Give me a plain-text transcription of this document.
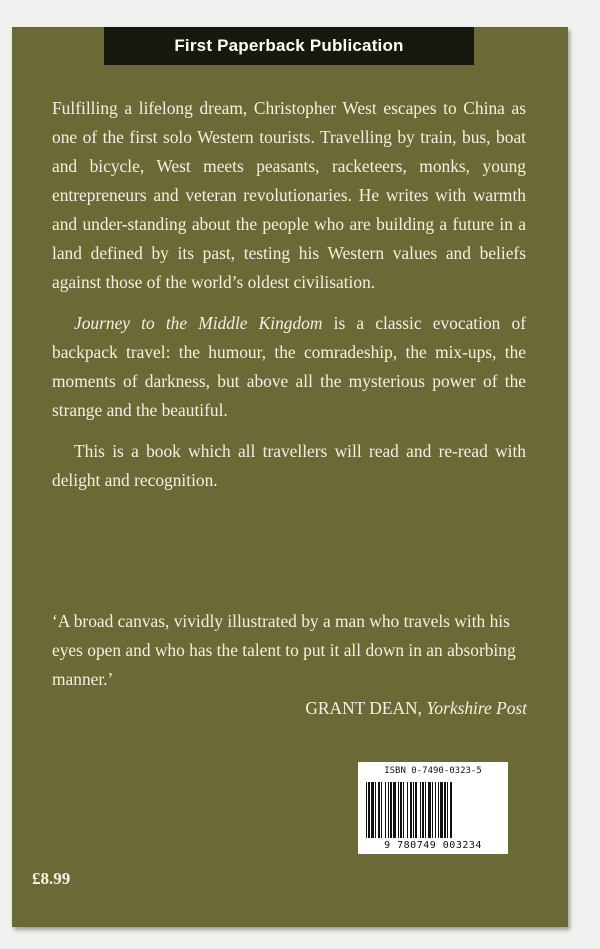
First Paperback Publication

Fulfilling a lifelong dream, Christopher West escapes to China as one of the first solo Western tourists. Travelling by train, bus, boat and bicycle, West meets peasants, racketeers, monks, young entrepreneurs and veteran revolutionaries. He writes with warmth and under-standing about the people who are building a future in a land defined by its past, testing his Western values and beliefs against those of the world’s oldest civilisation.

Journey to the Middle Kingdom is a classic evocation of backpack travel: the humour, the comradeship, the mix-ups, the moments of darkness, but above all the mysterious power of the strange and the beautiful.

This is a book which all travellers will read and re-read with delight and recognition.

‘A broad canvas, vividly illustrated by a man who travels with his eyes open and who has the talent to put it all down in an absorbing manner.’

GRANT DEAN, Yorkshire Post

ISBN 0-7490-0323-5
9 780749 003234
£8.99
